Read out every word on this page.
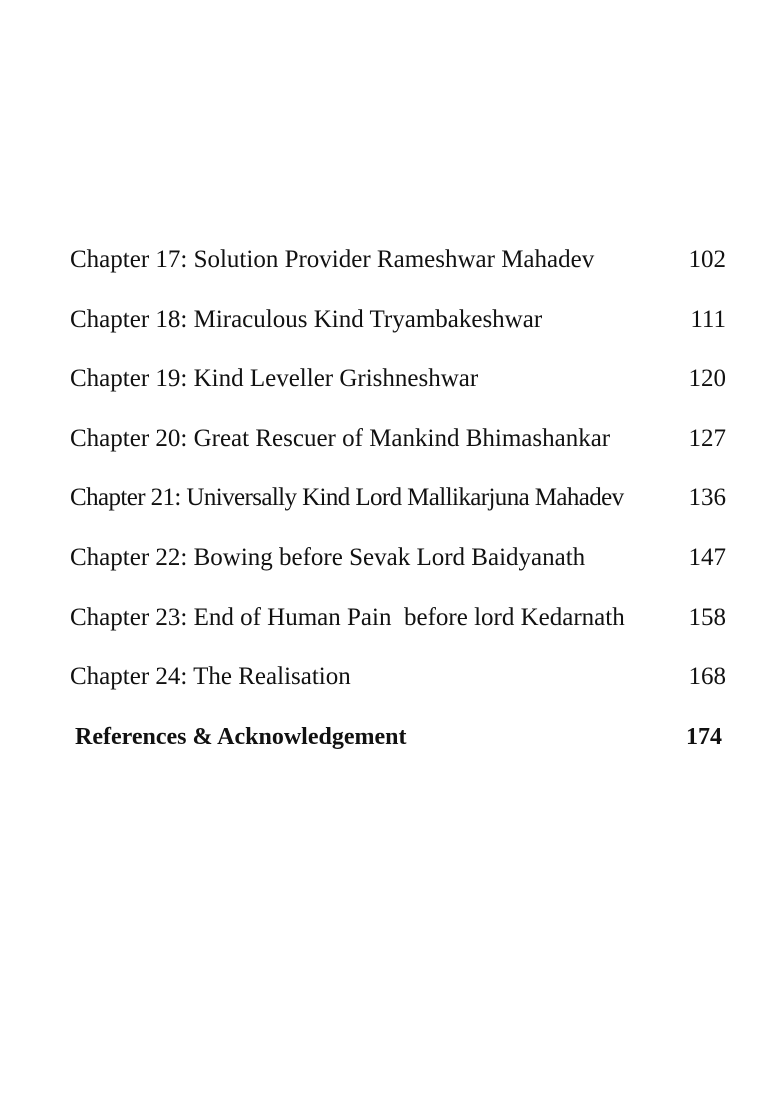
Chapter 17: Solution Provider Rameshwar Mahadev	102
Chapter 18: Miraculous Kind Tryambakeshwar	111
Chapter 19: Kind Leveller Grishneshwar	120
Chapter 20: Great Rescuer of Mankind Bhimashankar	127
Chapter 21: Universally Kind Lord Mallikarjuna Mahadev	136
Chapter 22: Bowing before Sevak Lord Baidyanath	147
Chapter 23: End of Human Pain  before lord Kedarnath	158
Chapter 24: The Realisation	168
References & Acknowledgement	174
